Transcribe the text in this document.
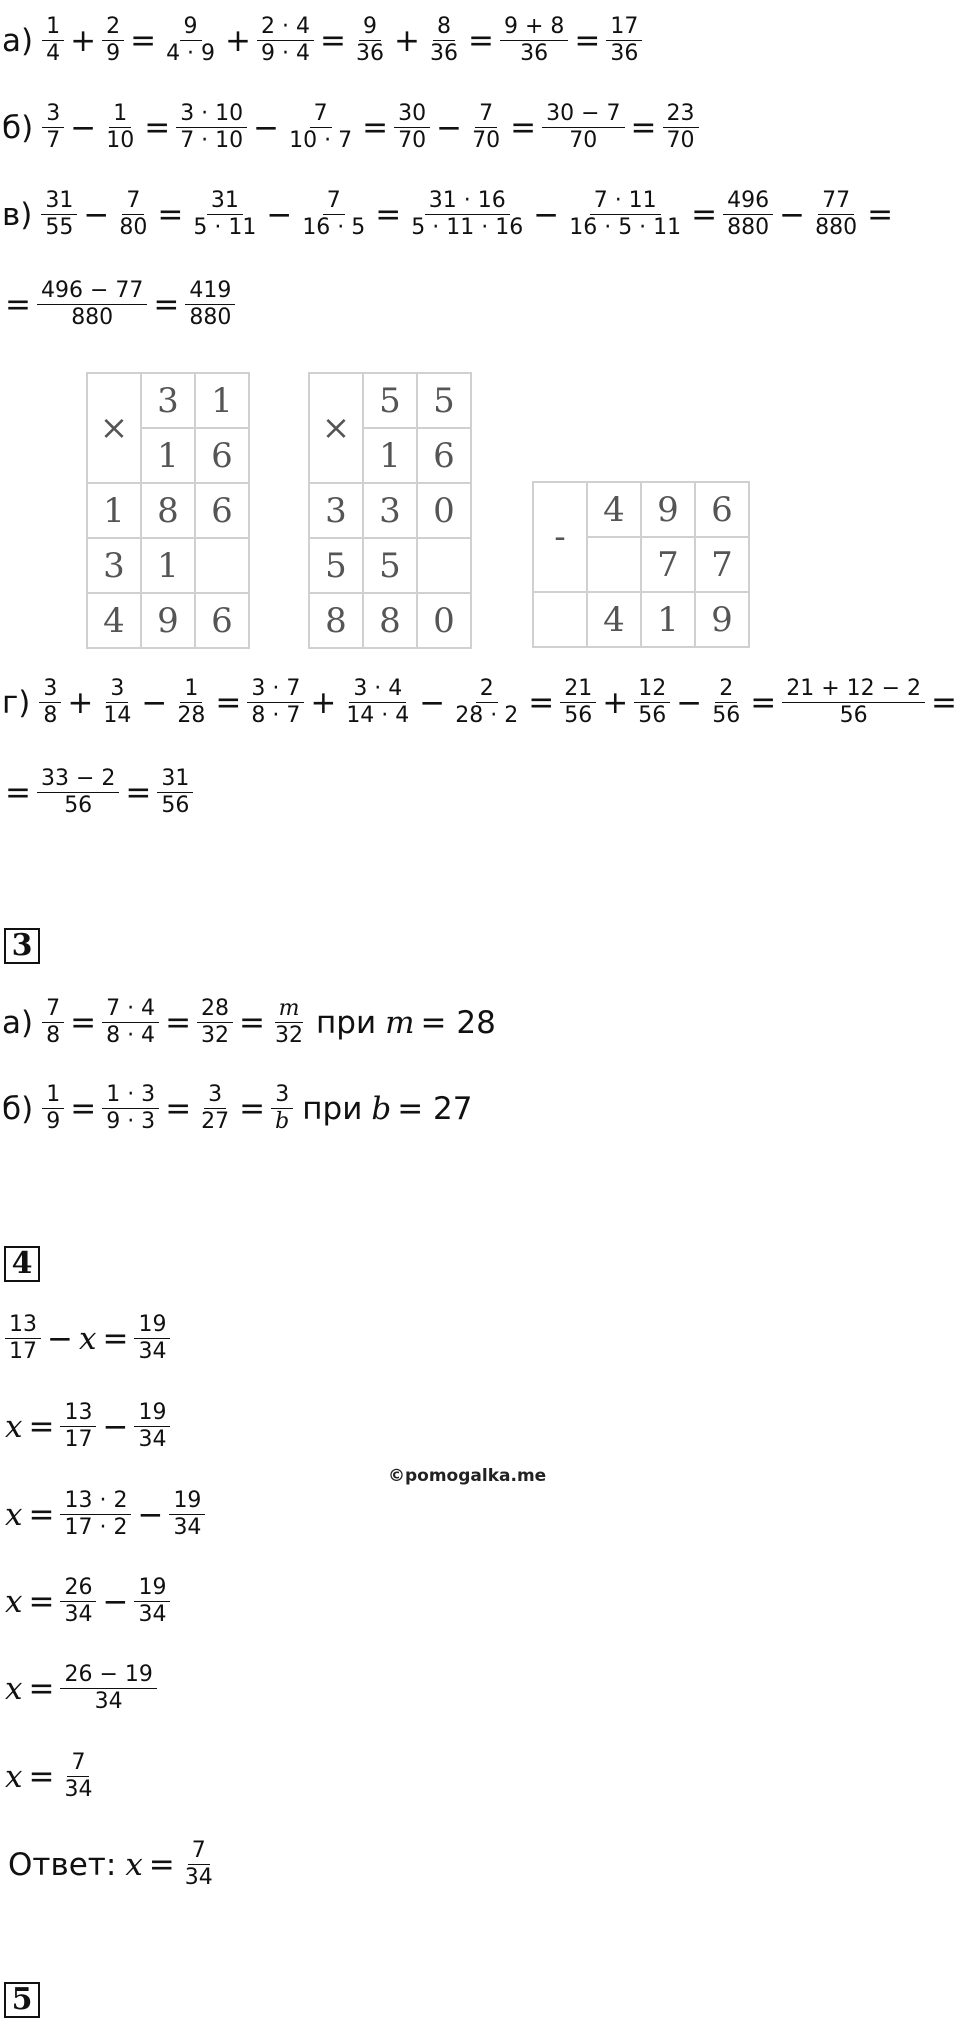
$а) \frac{1}{4} + \frac{2}{9} = \frac{9}{4 \cdot 9} + \frac{2 \cdot 4}{9 \cdot 4} = \frac{9}{36} + \frac{8}{36} = \frac{9 + 8}{36} = \frac{17}{36}$
$б) \frac{3}{7} - \frac{1}{10} = \frac{3 \cdot 10}{7 \cdot 10} - \frac{7}{10 \cdot 7} = \frac{30}{70} - \frac{7}{70} = \frac{30 - 7}{70} = \frac{23}{70}$
$в) \frac{31}{55} - \frac{7}{80} = \frac{31}{5 \cdot 11} - \frac{7}{16 \cdot 5} = \frac{31 \cdot 16}{5 \cdot 11 \cdot 16} - \frac{7 \cdot 11}{16 \cdot 5 \cdot 11} = \frac{496}{880} - \frac{77}{880}$ =
= $\frac{496 - 77}{880} = \frac{419}{880}$
×	3	1
	1	6
1	8	6
3	1	
4	9	6
×	5	5
	1	6
3	3	0
5	5	
8	8	0
-	4	9	6
		7	7
	4	1	9
$г) \frac{3}{8} + \frac{3}{14} - \frac{1}{28} = \frac{3 \cdot 7}{8 \cdot 7} + \frac{3 \cdot 4}{14 \cdot 4} - \frac{2}{28 \cdot 2} = \frac{21}{56} + \frac{12}{56} - \frac{2}{56} = \frac{21 + 12 - 2}{56}$ =
= $\frac{33 - 2}{56} = \frac{31}{56}$
3
$а) \frac{7}{8} = \frac{7 \cdot 4}{8 \cdot 4} = \frac{28}{32} = \frac{m}{32}$ при m = 28
$б) \frac{1}{9} = \frac{1 \cdot 3}{9 \cdot 3} = \frac{3}{27} = \frac{3}{b}$ при b = 27
4
$\frac{13}{17} - x = \frac{19}{34}$
$x = \frac{13}{17} - \frac{19}{34}$
$x = \frac{13 \cdot 2}{17 \cdot 2} - \frac{19}{34}$
$x = \frac{26}{34} - \frac{19}{34}$
$x = \frac{26 - 19}{34}$
$x = \frac{7}{34}$
Ответ: $x = \frac{7}{34}$
©pomogalka.me
5
